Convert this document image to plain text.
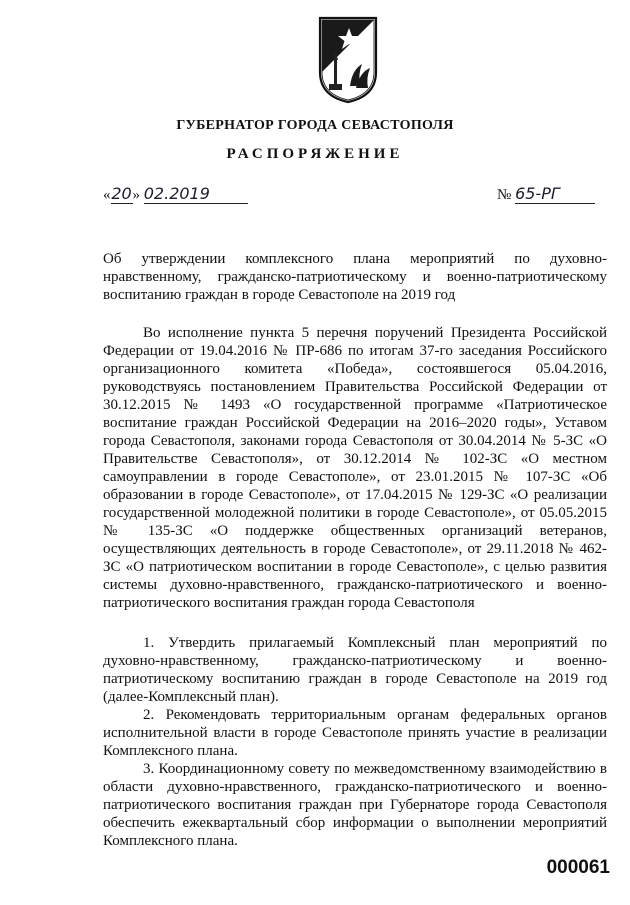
ГУБЕРНАТОР ГОРОДА СЕВАСТОПОЛЯ
РАСПОРЯЖЕНИЕ
«20» 02.2019	№ 65-РГ
Об утверждении комплексного плана мероприятий по духовно-нравственному, гражданско-патриотическому и военно-патриотическому воспитанию граждан в городе Севастополе на 2019 год
Во исполнение пункта 5 перечня поручений Президента Российской Федерации от 19.04.2016 № ПР-686 по итогам 37-го заседания Российского организационного комитета «Победа», состоявшегося 05.04.2016, руководствуясь постановлением Правительства Российской Федерации от 30.12.2015 № 1493 «О государственной программе «Патриотическое воспитание граждан Российской Федерации на 2016–2020 годы», Уставом города Севастополя, законами города Севастополя от 30.04.2014 № 5-ЗС «О Правительстве Севастополя», от 30.12.2014 № 102-ЗС «О местном самоуправлении в городе Севастополе», от 23.01.2015 № 107-ЗС «Об образовании в городе Севастополе», от 17.04.2015 № 129-ЗС «О реализации государственной молодежной политики в городе Севастополе», от 05.05.2015 № 135-ЗС «О поддержке общественных организаций ветеранов, осуществляющих деятельность в городе Севастополе», от 29.11.2018 № 462-ЗС «О патриотическом воспитании в городе Севастополе», с целью развития системы духовно-нравственного, гражданско-патриотического и военно-патриотического воспитания граждан города Севастополя
1. Утвердить прилагаемый Комплексный план мероприятий по духовно-нравственному, гражданско-патриотическому и военно-патриотическому воспитанию граждан в городе Севастополе на 2019 год (далее-Комплексный план).
2. Рекомендовать территориальным органам федеральных органов исполнительной власти в городе Севастополе принять участие в реализации Комплексного плана.
3. Координационному совету по межведомственному взаимодействию в области духовно-нравственного, гражданско-патриотического и военно-патриотического воспитания граждан при Губернаторе города Севастополя обеспечить ежеквартальный сбор информации о выполнении мероприятий Комплексного плана.
000061
